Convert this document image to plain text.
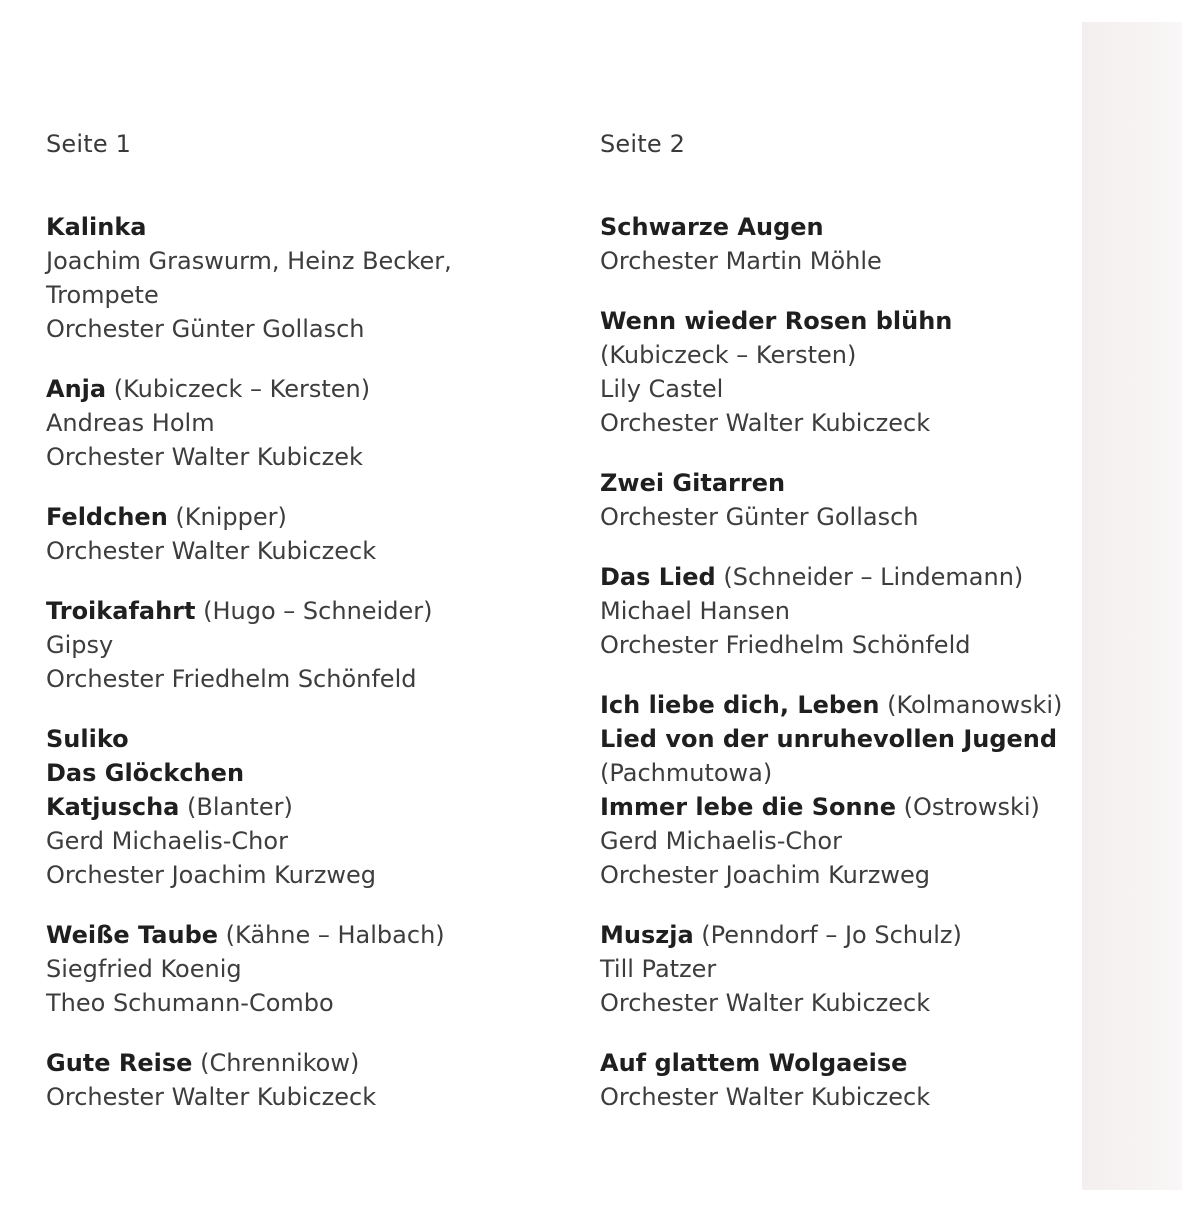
Seite 1
Kalinka
Joachim Graswurm, Heinz Becker,
Trompete
Orchester Günter Gollasch
Anja (Kubiczeck – Kersten)
Andreas Holm
Orchester Walter Kubiczek
Feldchen (Knipper)
Orchester Walter Kubiczeck
Troikafahrt (Hugo – Schneider)
Gipsy
Orchester Friedhelm Schönfeld
Suliko
Das Glöckchen
Katjuscha (Blanter)
Gerd Michaelis-Chor
Orchester Joachim Kurzweg
Weiße Taube (Kähne – Halbach)
Siegfried Koenig
Theo Schumann-Combo
Gute Reise (Chrennikow)
Orchester Walter Kubiczeck
Seite 2
Schwarze Augen
Orchester Martin Möhle
Wenn wieder Rosen blühn
(Kubiczeck – Kersten)
Lily Castel
Orchester Walter Kubiczeck
Zwei Gitarren
Orchester Günter Gollasch
Das Lied (Schneider – Lindemann)
Michael Hansen
Orchester Friedhelm Schönfeld
Ich liebe dich, Leben (Kolmanowski)
Lied von der unruhevollen Jugend
(Pachmutowa)
Immer lebe die Sonne (Ostrowski)
Gerd Michaelis-Chor
Orchester Joachim Kurzweg
Muszja (Penndorf – Jo Schulz)
Till Patzer
Orchester Walter Kubiczeck
Auf glattem Wolgaeise
Orchester Walter Kubiczeck
